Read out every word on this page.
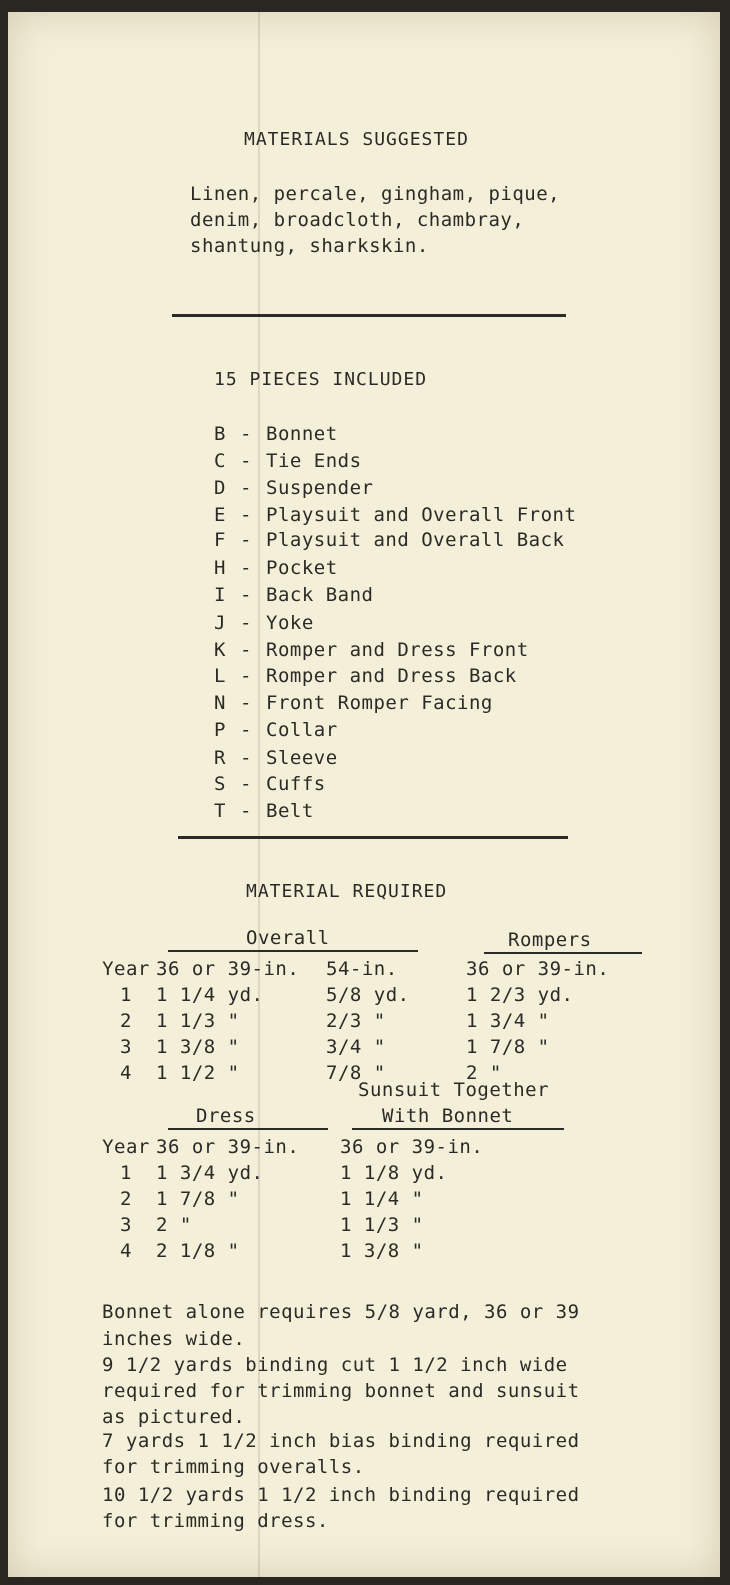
MATERIALS SUGGESTED
Linen, percale, gingham, pique,
denim, broadcloth, chambray,
shantung, sharkskin.
15 PIECES INCLUDED
B - Bonnet
C - Tie Ends
D - Suspender
E - Playsuit and Overall Front
F - Playsuit and Overall Back
H - Pocket
I - Back Band
J - Yoke
K - Romper and Dress Front
L - Romper and Dress Back
N - Front Romper Facing
P - Collar
R - Sleeve
S - Cuffs
T - Belt
MATERIAL REQUIRED
Overall	Rompers
Year	36 or 39-in.	54-in.	36 or 39-in.
1	1 1/4 yd.	5/8 yd.	1 2/3 yd.
2	1 1/3 "	2/3 "	1 3/4 "
3	1 3/8 "	3/4 "	1 7/8 "
4	1 1/2 "	7/8 "	2 "
Sunsuit Together
Dress	With Bonnet
Year	36 or 39-in.	36 or 39-in.
1	1 3/4 yd.	1 1/8 yd.
2	1 7/8 "	1 1/4 "
3	2 "	1 1/3 "
4	2 1/8 "	1 3/8 "
Bonnet alone requires 5/8 yard, 36 or 39
inches wide.
9 1/2 yards binding cut 1 1/2 inch wide
required for trimming bonnet and sunsuit
as pictured.
7 yards 1 1/2 inch bias binding required
for trimming overalls.
10 1/2 yards 1 1/2 inch binding required
for trimming dress.
